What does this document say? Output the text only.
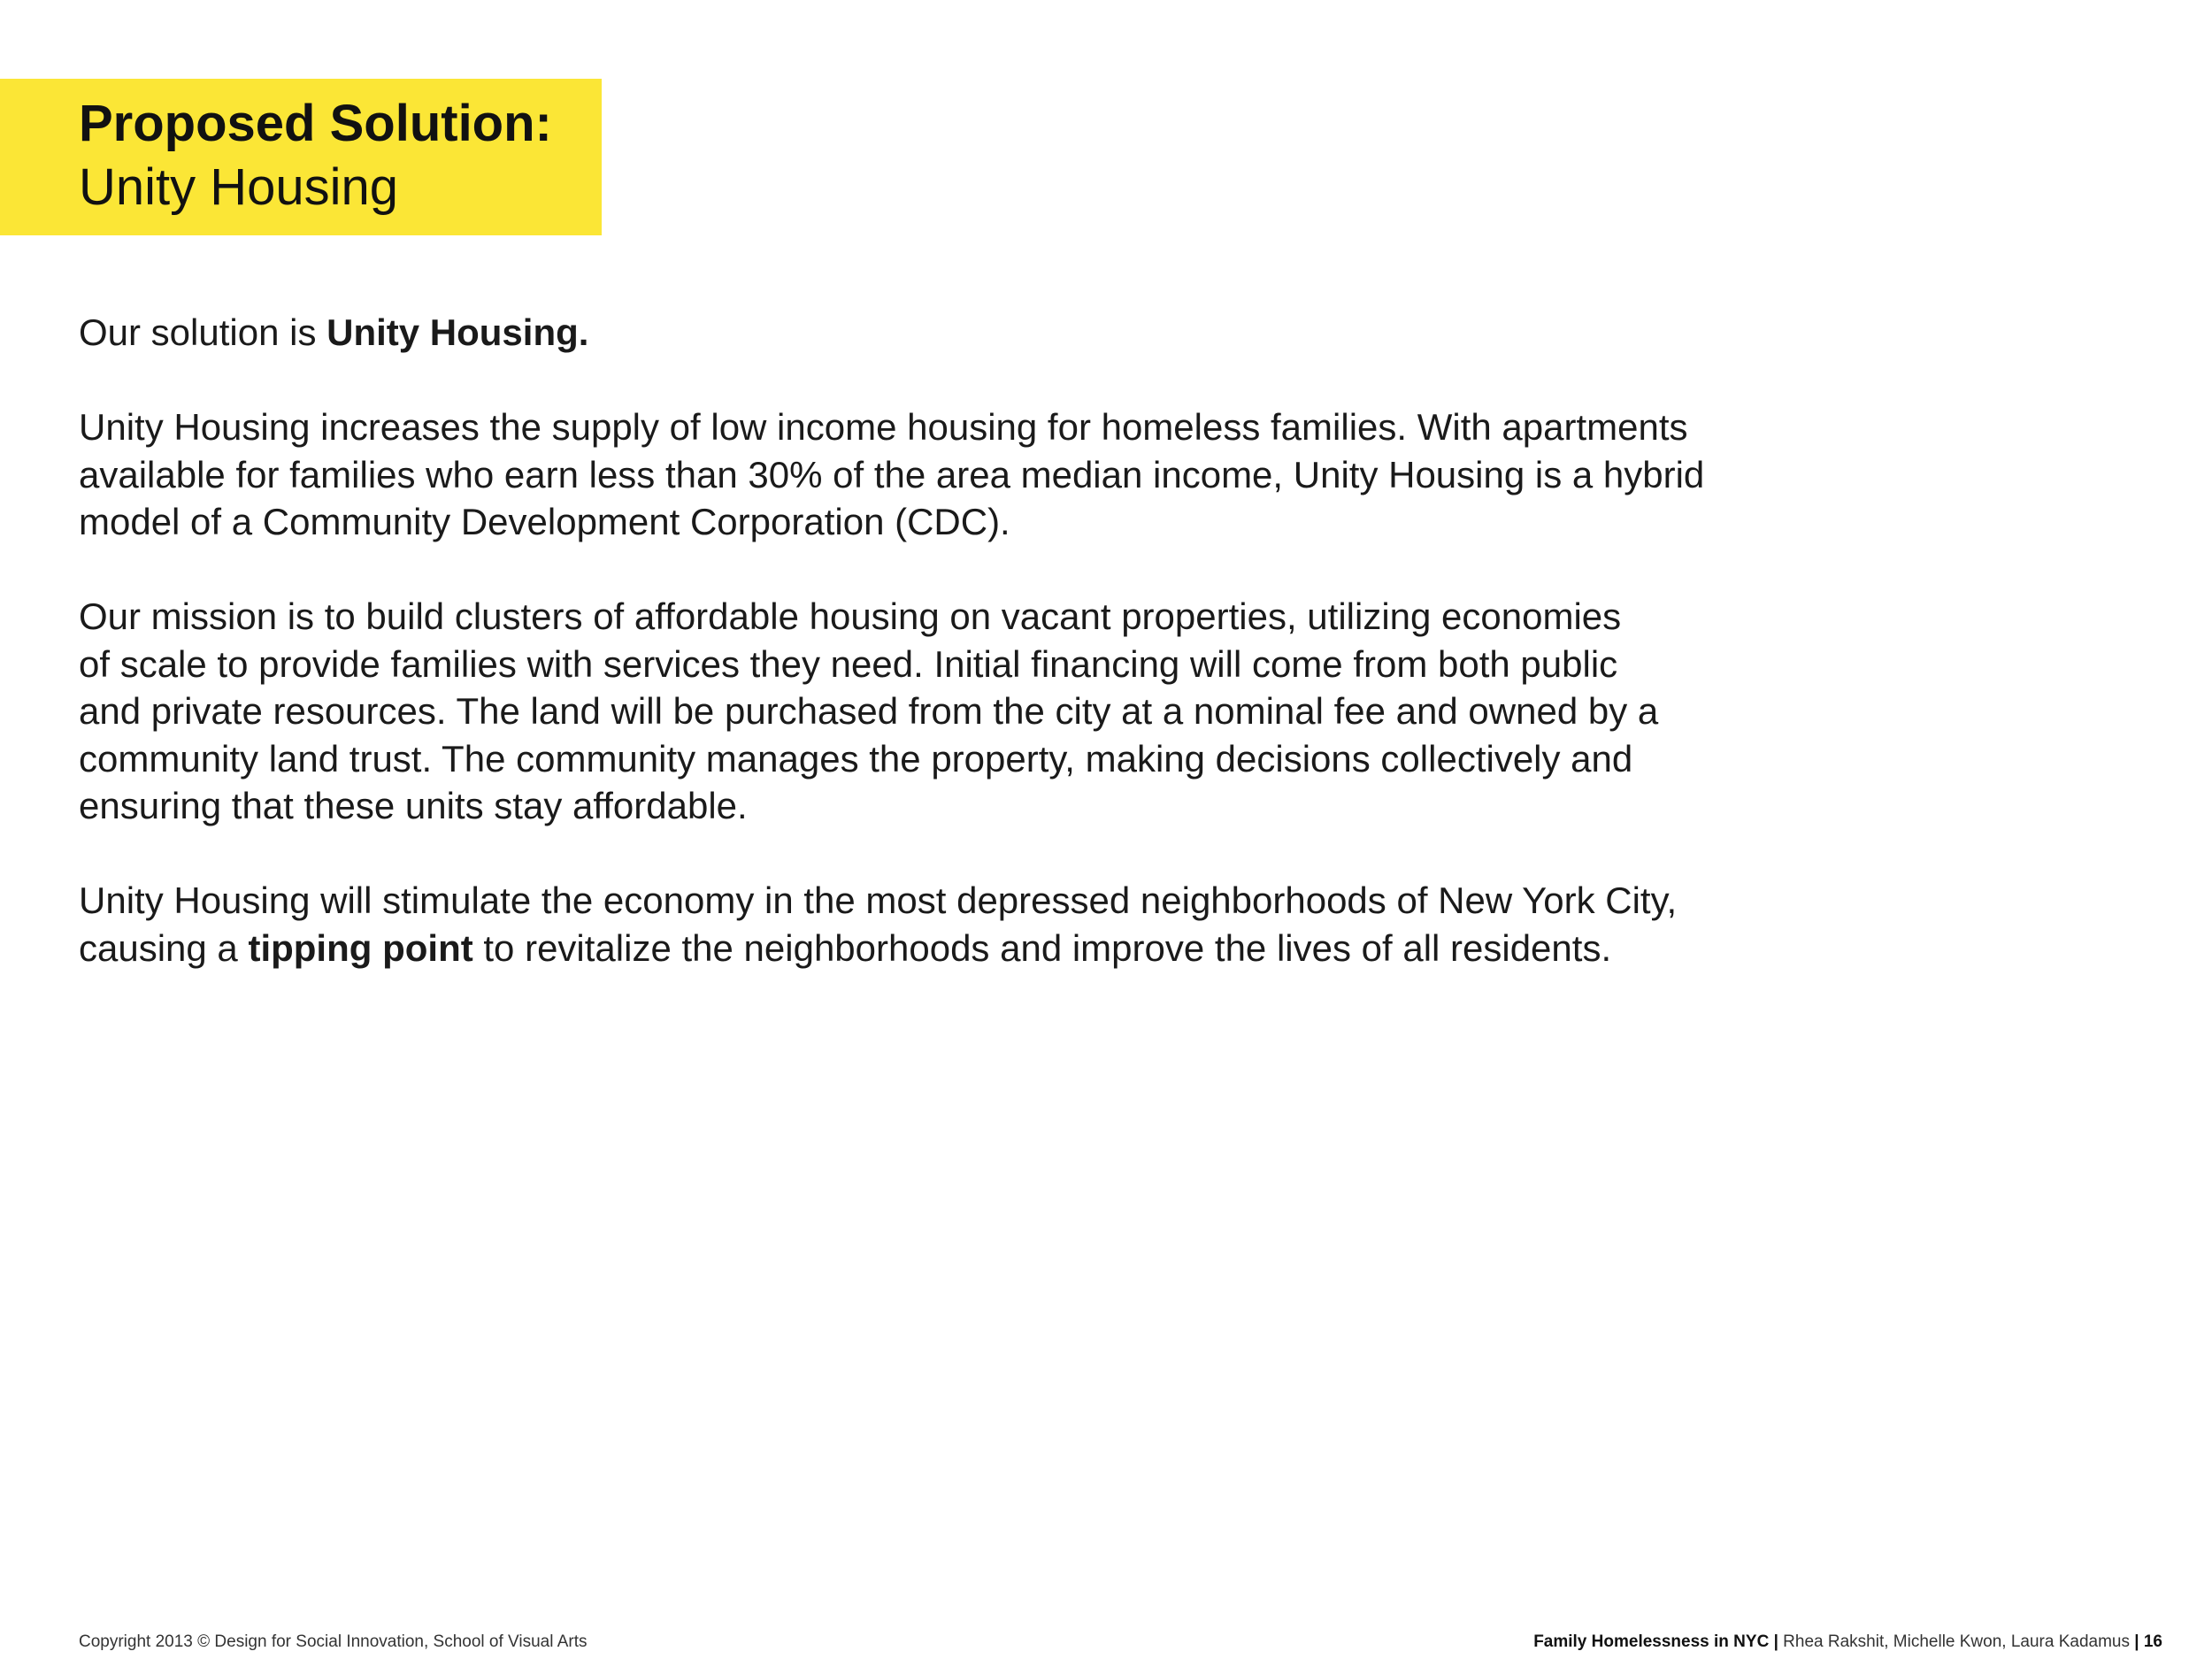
Proposed Solution:
Unity Housing

Our solution is Unity Housing.

Unity Housing increases the supply of low income housing for homeless families. With apartments
available for families who earn less than 30% of the area median income, Unity Housing is a hybrid
model of a Community Development Corporation (CDC).

Our mission is to build clusters of affordable housing on vacant properties, utilizing economies
of scale to provide families with services they need. Initial financing will come from both public
and private resources. The land will be purchased from the city at a nominal fee and owned by a
community land trust. The community manages the property, making decisions collectively and
ensuring that these units stay affordable.

Unity Housing will stimulate the economy in the most depressed neighborhoods of New York City,
causing a tipping point to revitalize the neighborhoods and improve the lives of all residents.

Copyright 2013 © Design for Social Innovation, School of Visual Arts	Family Homelessness in NYC | Rhea Rakshit, Michelle Kwon, Laura Kadamus | 16
